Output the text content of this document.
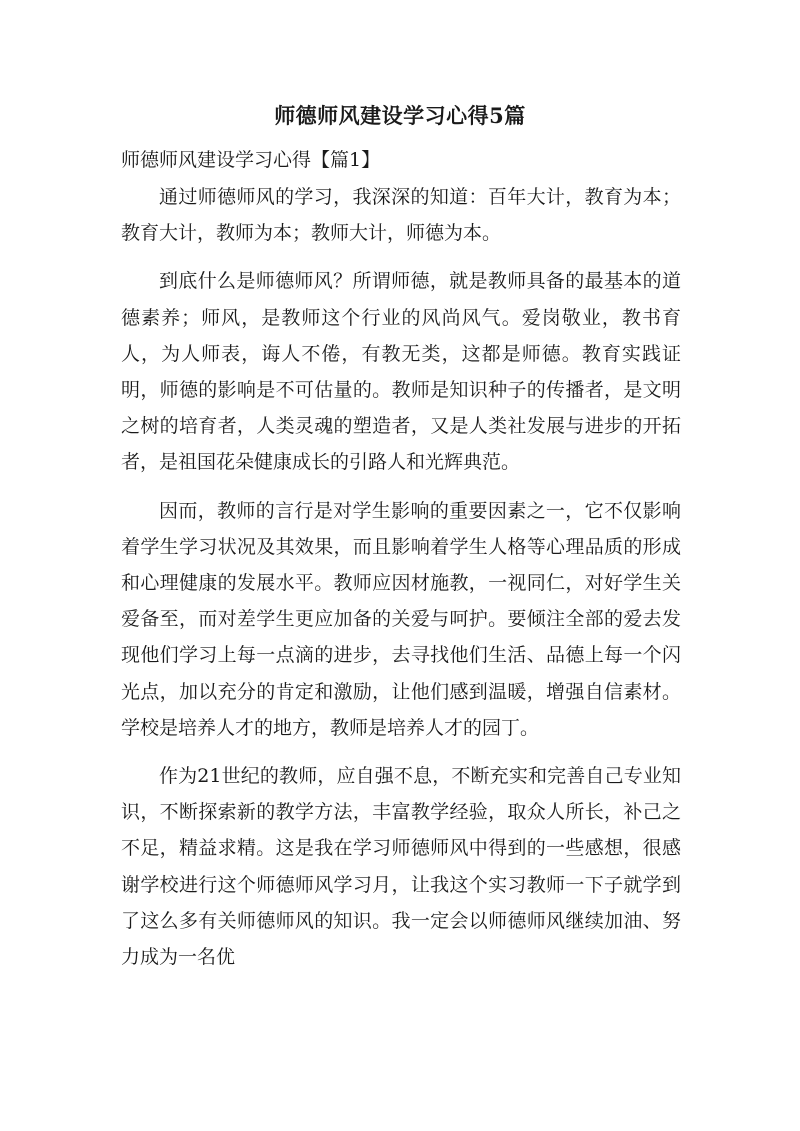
师德师风建设学习心得5篇

师德师风建设学习心得【篇1】

通过师德师风的学习，我深深的知道：百年大计，教育为本；教育大计，教师为本；教师大计，师德为本。

到底什么是师德师风？所谓师德，就是教师具备的最基本的道德素养；师风，是教师这个行业的风尚风气。爱岗敬业，教书育人，为人师表，诲人不倦，有教无类，这都是师德。教育实践证明，师德的影响是不可估量的。教师是知识种子的传播者，是文明之树的培育者，人类灵魂的塑造者，又是人类社发展与进步的开拓者，是祖国花朵健康成长的引路人和光辉典范。

因而，教师的言行是对学生影响的重要因素之一，它不仅影响着学生学习状况及其效果，而且影响着学生人格等心理品质的形成和心理健康的发展水平。教师应因材施教，一视同仁，对好学生关爱备至，而对差学生更应加备的关爱与呵护。要倾注全部的爱去发现他们学习上每一点滴的进步，去寻找他们生活、品德上每一个闪光点，加以充分的肯定和激励，让他们感到温暖，增强自信素材。学校是培养人才的地方，教师是培养人才的园丁。

作为21世纪的教师，应自强不息，不断充实和完善自己专业知识，不断探索新的教学方法，丰富教学经验，取众人所长，补己之不足，精益求精。这是我在学习师德师风中得到的一些感想，很感谢学校进行这个师德师风学习月，让我这个实习教师一下子就学到了这么多有关师德师风的知识。我一定会以师德师风继续加油、努力成为一名优
